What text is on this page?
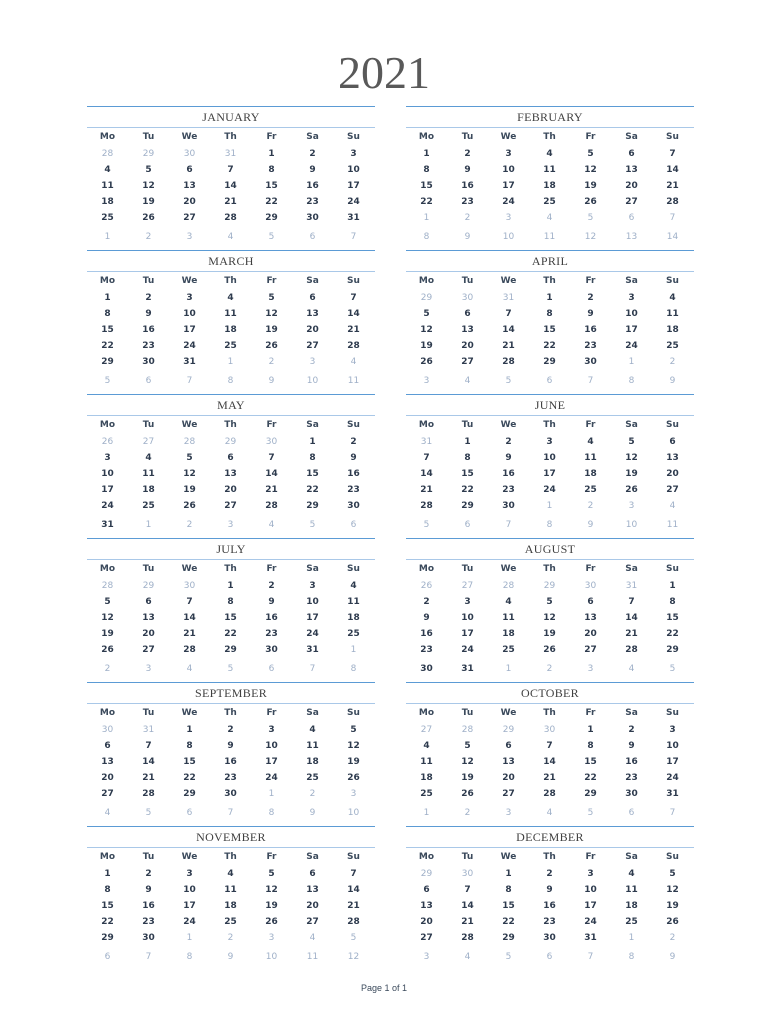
2021
JANUARY
Mo	Tu	We	Th	Fr	Sa	Su
28	29	30	31	1	2	3
4	5	6	7	8	9	10
11	12	13	14	15	16	17
18	19	20	21	22	23	24
25	26	27	28	29	30	31
1	2	3	4	5	6	7
FEBRUARY
Mo	Tu	We	Th	Fr	Sa	Su
1	2	3	4	5	6	7
8	9	10	11	12	13	14
15	16	17	18	19	20	21
22	23	24	25	26	27	28
1	2	3	4	5	6	7
8	9	10	11	12	13	14
MARCH
Mo	Tu	We	Th	Fr	Sa	Su
1	2	3	4	5	6	7
8	9	10	11	12	13	14
15	16	17	18	19	20	21
22	23	24	25	26	27	28
29	30	31	1	2	3	4
5	6	7	8	9	10	11
APRIL
Mo	Tu	We	Th	Fr	Sa	Su
29	30	31	1	2	3	4
5	6	7	8	9	10	11
12	13	14	15	16	17	18
19	20	21	22	23	24	25
26	27	28	29	30	1	2
3	4	5	6	7	8	9
MAY
Mo	Tu	We	Th	Fr	Sa	Su
26	27	28	29	30	1	2
3	4	5	6	7	8	9
10	11	12	13	14	15	16
17	18	19	20	21	22	23
24	25	26	27	28	29	30
31	1	2	3	4	5	6
JUNE
Mo	Tu	We	Th	Fr	Sa	Su
31	1	2	3	4	5	6
7	8	9	10	11	12	13
14	15	16	17	18	19	20
21	22	23	24	25	26	27
28	29	30	1	2	3	4
5	6	7	8	9	10	11
JULY
Mo	Tu	We	Th	Fr	Sa	Su
28	29	30	1	2	3	4
5	6	7	8	9	10	11
12	13	14	15	16	17	18
19	20	21	22	23	24	25
26	27	28	29	30	31	1
2	3	4	5	6	7	8
AUGUST
Mo	Tu	We	Th	Fr	Sa	Su
26	27	28	29	30	31	1
2	3	4	5	6	7	8
9	10	11	12	13	14	15
16	17	18	19	20	21	22
23	24	25	26	27	28	29
30	31	1	2	3	4	5
SEPTEMBER
Mo	Tu	We	Th	Fr	Sa	Su
30	31	1	2	3	4	5
6	7	8	9	10	11	12
13	14	15	16	17	18	19
20	21	22	23	24	25	26
27	28	29	30	1	2	3
4	5	6	7	8	9	10
OCTOBER
Mo	Tu	We	Th	Fr	Sa	Su
27	28	29	30	1	2	3
4	5	6	7	8	9	10
11	12	13	14	15	16	17
18	19	20	21	22	23	24
25	26	27	28	29	30	31
1	2	3	4	5	6	7
NOVEMBER
Mo	Tu	We	Th	Fr	Sa	Su
1	2	3	4	5	6	7
8	9	10	11	12	13	14
15	16	17	18	19	20	21
22	23	24	25	26	27	28
29	30	1	2	3	4	5
6	7	8	9	10	11	12
DECEMBER
Mo	Tu	We	Th	Fr	Sa	Su
29	30	1	2	3	4	5
6	7	8	9	10	11	12
13	14	15	16	17	18	19
20	21	22	23	24	25	26
27	28	29	30	31	1	2
3	4	5	6	7	8	9
Page 1 of 1
